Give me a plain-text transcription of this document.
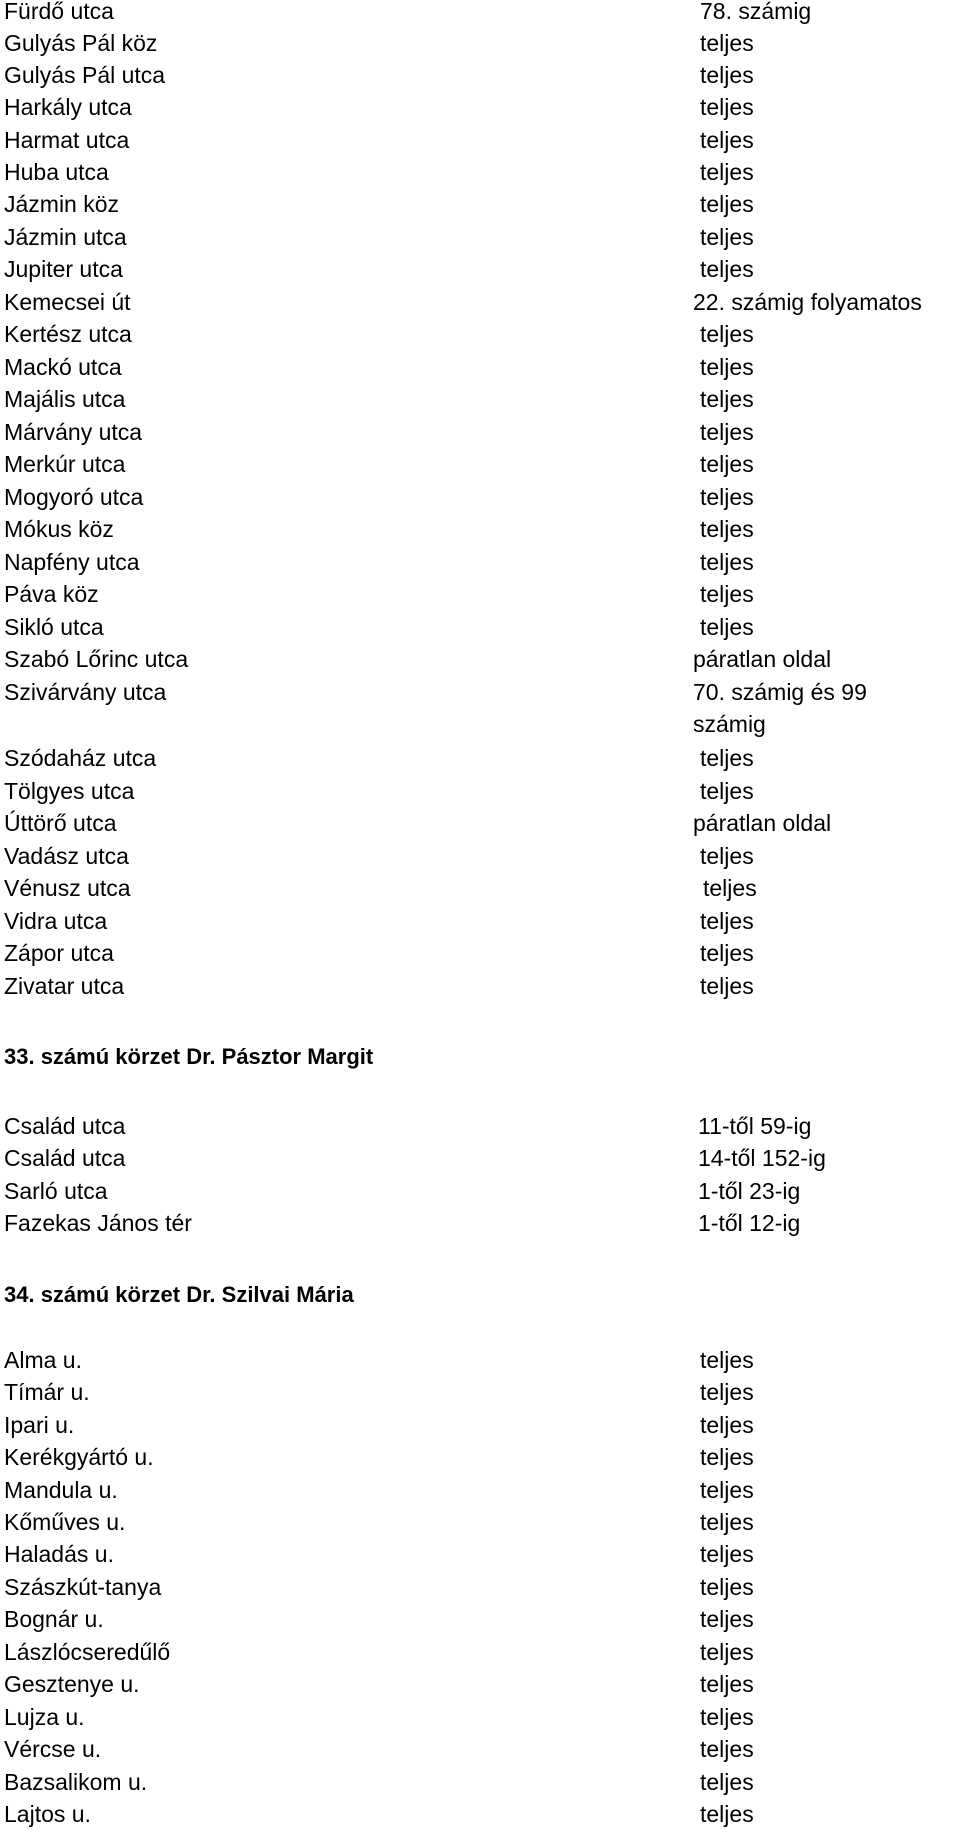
Fürdő utca	78. számig
Gulyás Pál köz	teljes
Gulyás Pál utca	teljes
Harkály utca	teljes
Harmat utca	teljes
Huba utca	teljes
Jázmin köz	teljes
Jázmin utca	teljes
Jupiter utca	teljes
Kemecsei út	22. számig folyamatos
Kertész utca	teljes
Mackó utca	teljes
Majális utca	teljes
Márvány utca	teljes
Merkúr utca	teljes
Mogyoró utca	teljes
Mókus köz	teljes
Napfény utca	teljes
Páva köz	teljes
Sikló utca	teljes
Szabó Lőrinc utca	páratlan oldal
Szivárvány utca	70. számig és 99 számig
Szódaház utca	teljes
Tölgyes utca	teljes
Úttörő utca	páratlan oldal
Vadász utca	teljes
Vénusz utca	teljes
Vidra utca	teljes
Zápor utca	teljes
Zivatar utca	teljes
33. számú körzet Dr. Pásztor Margit
Család utca	11-től 59-ig
Család utca	14-től 152-ig
Sarló utca	1-től 23-ig
Fazekas János tér	1-től 12-ig
34. számú körzet Dr. Szilvai Mária
Alma u.	teljes
Tímár u.	teljes
Ipari u.	teljes
Kerékgyártó u.	teljes
Mandula u.	teljes
Kőműves u.	teljes
Haladás u.	teljes
Szászkút-tanya	teljes
Bognár u.	teljes
Lászlócseredűlő	teljes
Gesztenye u.	teljes
Lujza u.	teljes
Vércse u.	teljes
Bazsalikom u.	teljes
Lajtos u.	teljes
